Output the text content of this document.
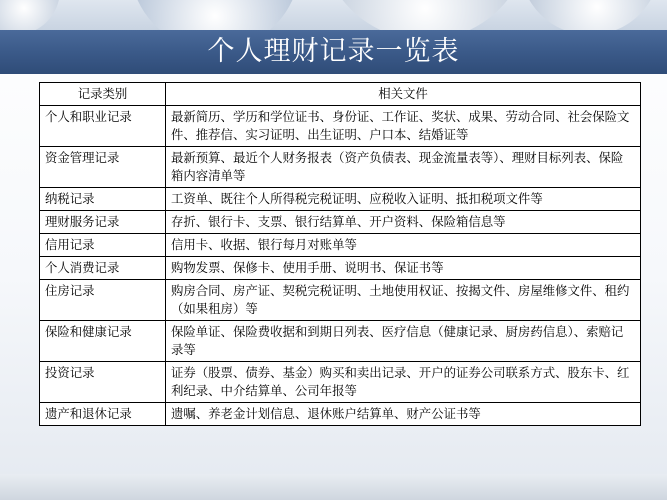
个人理财记录一览表
记录类别	相关文件
个人和职业记录	最新简历、学历和学位证书、身份证、工作证、奖状、成果、劳动合同、社会保险文件、推荐信、实习证明、出生证明、户口本、结婚证等
资金管理记录	最新预算、最近个人财务报表（资产负债表、现金流量表等）、理财目标列表、保险箱内容清单等
纳税记录	工资单、既往个人所得税完税证明、应税收入证明、抵扣税项文件等
理财服务记录	存折、银行卡、支票、银行结算单、开户资料、保险箱信息等
信用记录	信用卡、收据、银行每月对账单等
个人消费记录	购物发票、保修卡、使用手册、说明书、保证书等
住房记录	购房合同、房产证、契税完税证明、土地使用权证、按揭文件、房屋维修文件、租约（如果租房）等
保险和健康记录	保险单证、保险费收据和到期日列表、医疗信息（健康记录、厨房药信息）、索赔记录等
投资记录	证券（股票、债券、基金）购买和卖出记录、开户的证券公司联系方式、股东卡、红利纪录、中介结算单、公司年报等
遗产和退休记录	遗嘱、养老金计划信息、退休账户结算单、财产公证书等
